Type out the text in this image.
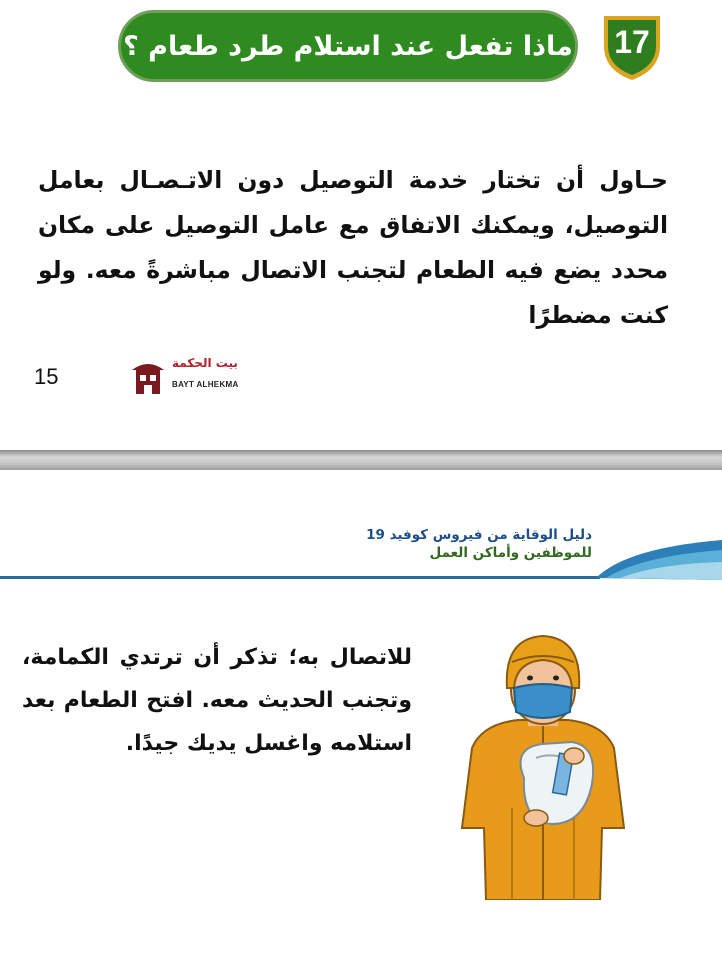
17
ماذا تفعل عند استلام طرد طعام ؟
حـاول أن تختار خدمة التوصيل دون الاتـصـال بعامل التوصيل، ويمكنك الاتفاق مع عامل التوصيل على مكان محدد يضع فيه الطعام لتجنب الاتصال مباشرةً معه. ولو كنت مضطرًا
15
بيت الحكمة
BAYT ALHEKMA
دليل الوقاية من فيروس كوفيد 19
للموظفين وأماكن العمل
للاتصال به؛ تذكر أن ترتدي الكمامة، وتجنب الحديث معه. افتح الطعام بعد استلامه واغسل يديك جيدًا.
